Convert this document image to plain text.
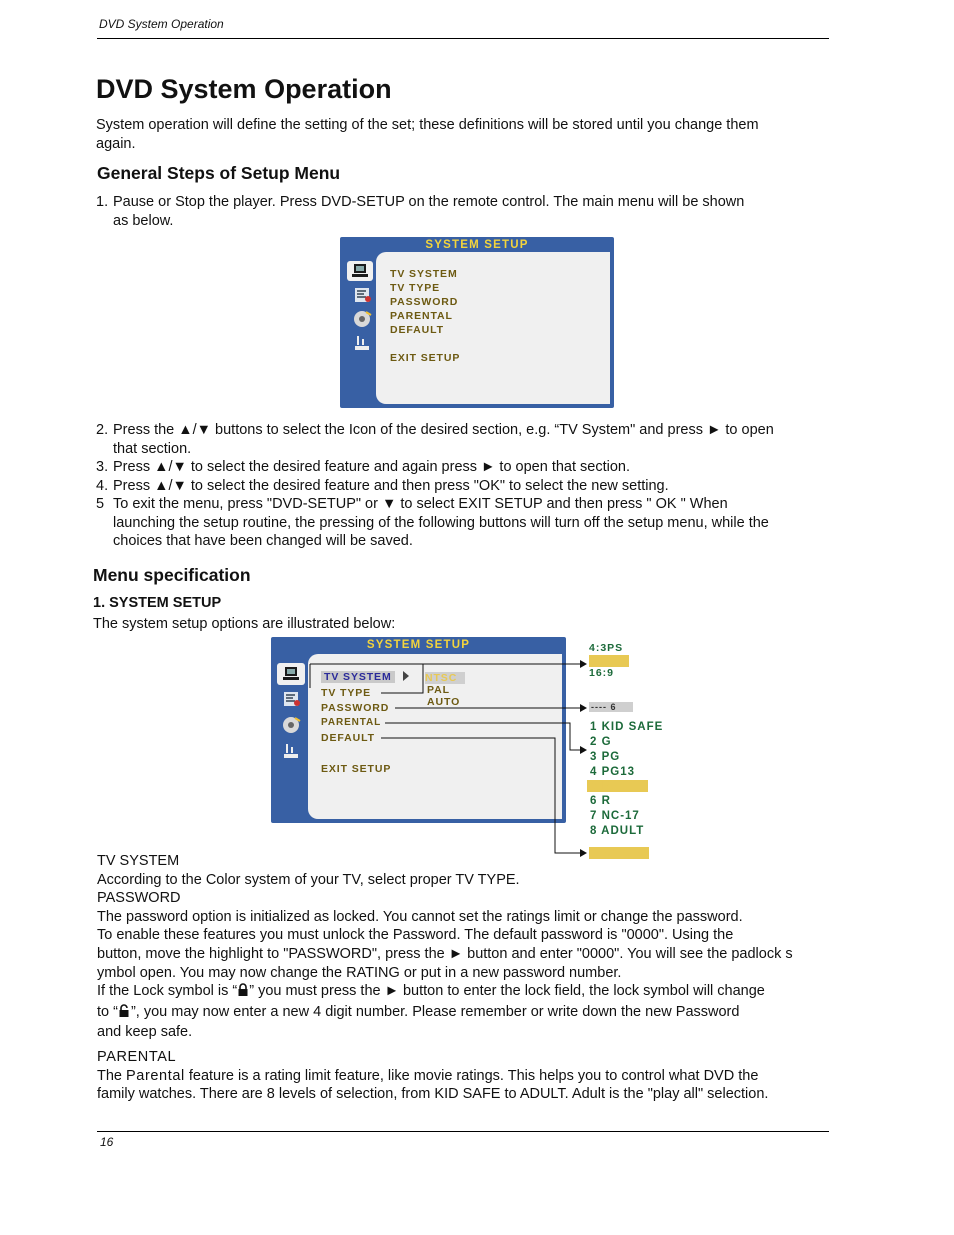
DVD System Operation
DVD System Operation
System operation will define the setting of the set; these definitions will be stored until you change them
again.
General Steps of Setup Menu
1. Pause or Stop the player. Press DVD-SETUP on the remote control. The main menu will be shown
as below.
SYSTEM SETUP
TV SYSTEM
TV TYPE
PASSWORD
PARENTAL
DEFAULT
EXIT SETUP
2. Press the ▲/▼ buttons to select the Icon of the desired section, e.g. “TV System" and press ► to open
that section.
3. Press ▲/▼ to select the desired feature and again press ► to open that section.
4. Press ▲/▼ to select the desired feature and then press "OK" to select the new setting.
5 To exit the menu, press "DVD-SETUP" or ▼ to select EXIT SETUP and then press " OK " When
launching the setup routine, the pressing of the following buttons will turn off the setup menu, while the
choices that have been changed will be saved.
Menu specification
1. SYSTEM SETUP
The system setup options are illustrated below:
SYSTEM SETUP
TV SYSTEM
TV TYPE
PASSWORD
PARENTAL
DEFAULT
EXIT SETUP
NTSC
PAL
AUTO
4:3PS
4:3LB
16:9
---- 6
1 KID SAFE
2 G
3 PG
4 PG13
5 PG-R
6 R
7 NC-17
8 ADULT
RESTORE
TV SYSTEM
According to the Color system of your TV, select proper TV TYPE.
PASSWORD
The password option is initialized as locked. You cannot set the ratings limit or change the password.
To enable these features you must unlock the Password. The default password is "0000". Using the
button, move the highlight to "PASSWORD", press the ► button and enter "0000". You will see the padlock s
ymbol open. You may now change the RATING or put in a new password number.
If the Lock symbol is “ ” you must press the ► button to enter the lock field, the lock symbol will change
to “ ”, you may now enter a new 4 digit number. Please remember or write down the new Password
and keep safe.
PARENTAL
The Parental feature is a rating limit feature, like movie ratings. This helps you to control what DVD the
family watches. There are 8 levels of selection, from KID SAFE to ADULT. Adult is the "play all" selection.
16
